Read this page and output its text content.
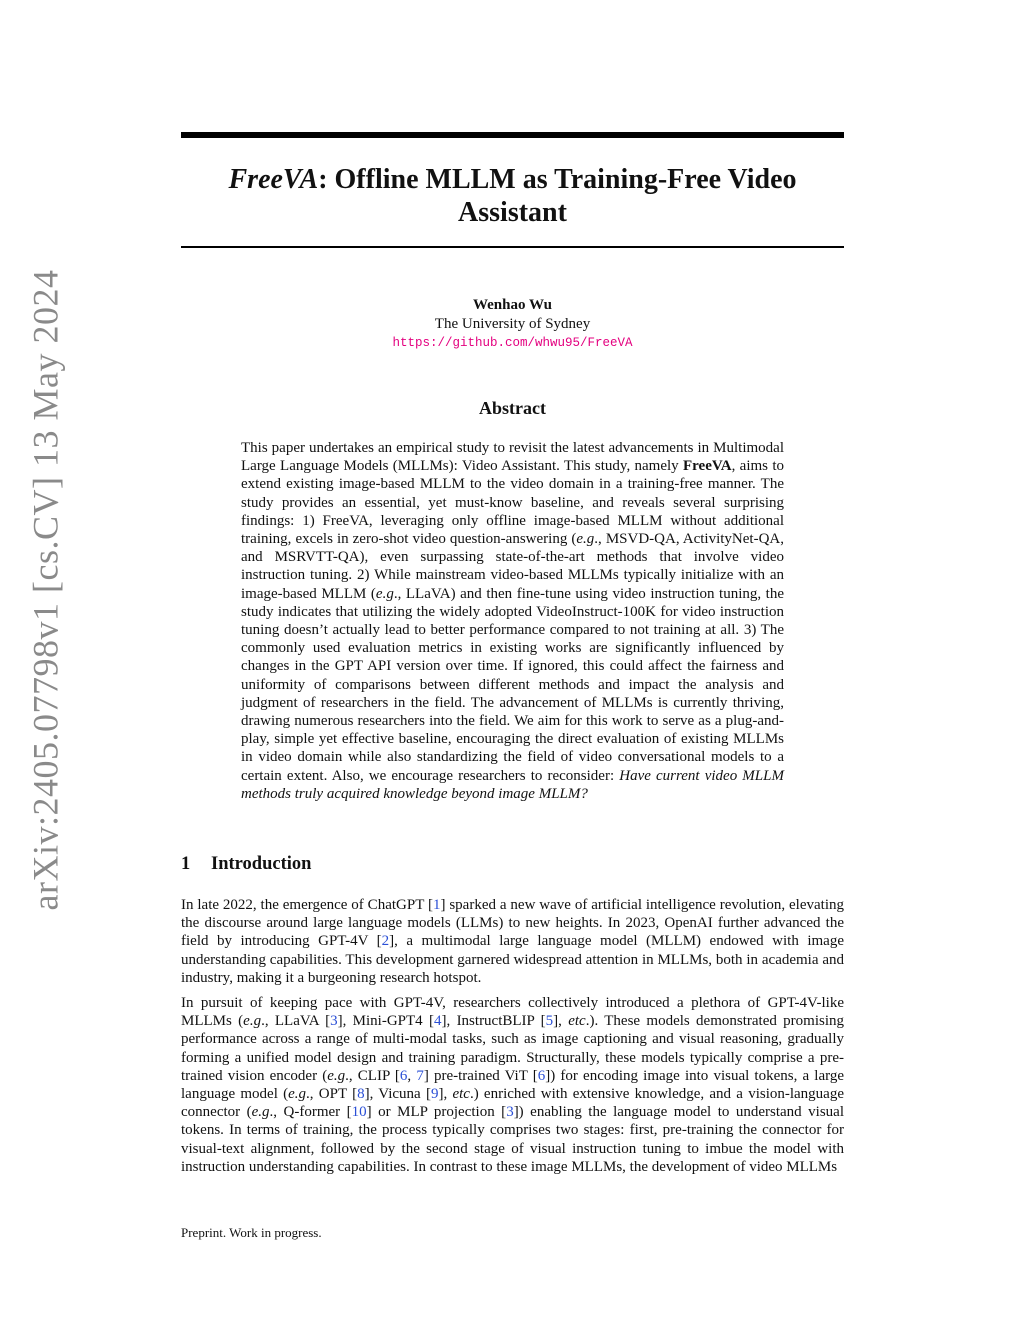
arXiv:2405.07798v1 [cs.CV] 13 May 2024
FreeVA: Offline MLLM as Training-Free Video Assistant
Wenhao Wu
The University of Sydney
https://github.com/whwu95/FreeVA
Abstract

This paper undertakes an empirical study to revisit the latest advancements in Multimodal Large Language Models (MLLMs): Video Assistant. This study, namely FreeVA, aims to extend existing image-based MLLM to the video domain in a training-free manner. The study provides an essential, yet must-know baseline, and reveals several surprising findings: 1) FreeVA, leveraging only offline image-based MLLM without additional training, excels in zero-shot video question-answering (e.g., MSVD-QA, ActivityNet-QA, and MSRVTT-QA), even surpassing state-of-the-art methods that involve video instruction tuning. 2) While mainstream video-based MLLMs typically initialize with an image-based MLLM (e.g., LLaVA) and then fine-tune using video instruction tuning, the study indicates that utilizing the widely adopted VideoInstruct-100K for video instruction tuning doesn’t actually lead to better performance compared to not training at all. 3) The commonly used evaluation metrics in existing works are significantly influenced by changes in the GPT API version over time. If ignored, this could affect the fairness and uniformity of comparisons between different methods and impact the analysis and judgment of researchers in the field. The advancement of MLLMs is currently thriving, drawing numerous researchers into the field. We aim for this work to serve as a plug-and-play, simple yet effective baseline, encouraging the direct evaluation of existing MLLMs in video domain while also standardizing the field of video conversational models to a certain extent. Also, we encourage researchers to reconsider: Have current video MLLM methods truly acquired knowledge beyond image MLLM?

1 Introduction

In late 2022, the emergence of ChatGPT [1] sparked a new wave of artificial intelligence revolution, elevating the discourse around large language models (LLMs) to new heights. In 2023, OpenAI further advanced the field by introducing GPT-4V [2], a multimodal large language model (MLLM) endowed with image understanding capabilities. This development garnered widespread attention in MLLMs, both in academia and industry, making it a burgeoning research hotspot.

In pursuit of keeping pace with GPT-4V, researchers collectively introduced a plethora of GPT-4V-like MLLMs (e.g., LLaVA [3], Mini-GPT4 [4], InstructBLIP [5], etc.). These models demonstrated promising performance across a range of multi-modal tasks, such as image captioning and visual reasoning, gradually forming a unified model design and training paradigm. Structurally, these models typically comprise a pre-trained vision encoder (e.g., CLIP [6, 7] pre-trained ViT [6]) for encoding image into visual tokens, a large language model (e.g., OPT [8], Vicuna [9], etc.) enriched with extensive knowledge, and a vision-language connector (e.g., Q-former [10] or MLP projection [3]) enabling the language model to understand visual tokens. In terms of training, the process typically comprises two stages: first, pre-training the connector for visual-text alignment, followed by the second stage of visual instruction tuning to imbue the model with instruction understanding capabilities. In contrast to these image MLLMs, the development of video MLLMs

Preprint. Work in progress.
